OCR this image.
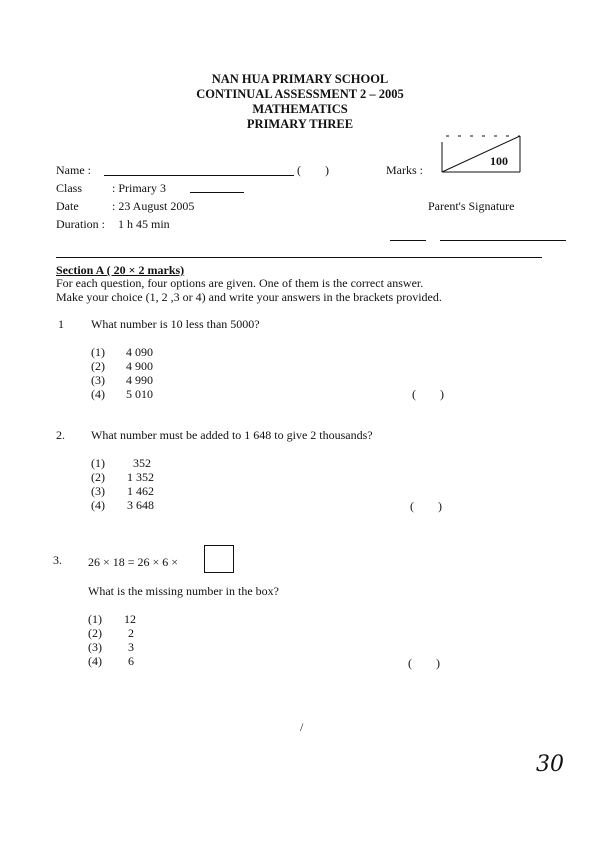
NAN HUA PRIMARY SCHOOL
CONTINUAL ASSESSMENT 2 – 2005
MATHEMATICS
PRIMARY THREE
100
Name :	(        )	Marks :
Class : Primary 3
Date	: 23 August 2005	Parent's Signature
Duration : 1 h 45 min
Section A ( 20 × 2 marks)
For each question, four options are given. One of them is the correct answer.
Make your choice (1, 2 ,3 or 4) and write your answers in the brackets provided.
1 What number is 10 less than 5000?
(1) 4 090
(2) 4 900
(3) 4 990
(4) 5 010	(        )
2. What number must be added to 1 648 to give 2 thousands?
(1) 352
(2) 1 352
(3) 1 462
(4) 3 648	(        )
3. 26 × 18 = 26 × 6 ×
What is the missing number in the box?
(1) 12
(2) 2
(3) 3
(4) 6	(        )
/
30
